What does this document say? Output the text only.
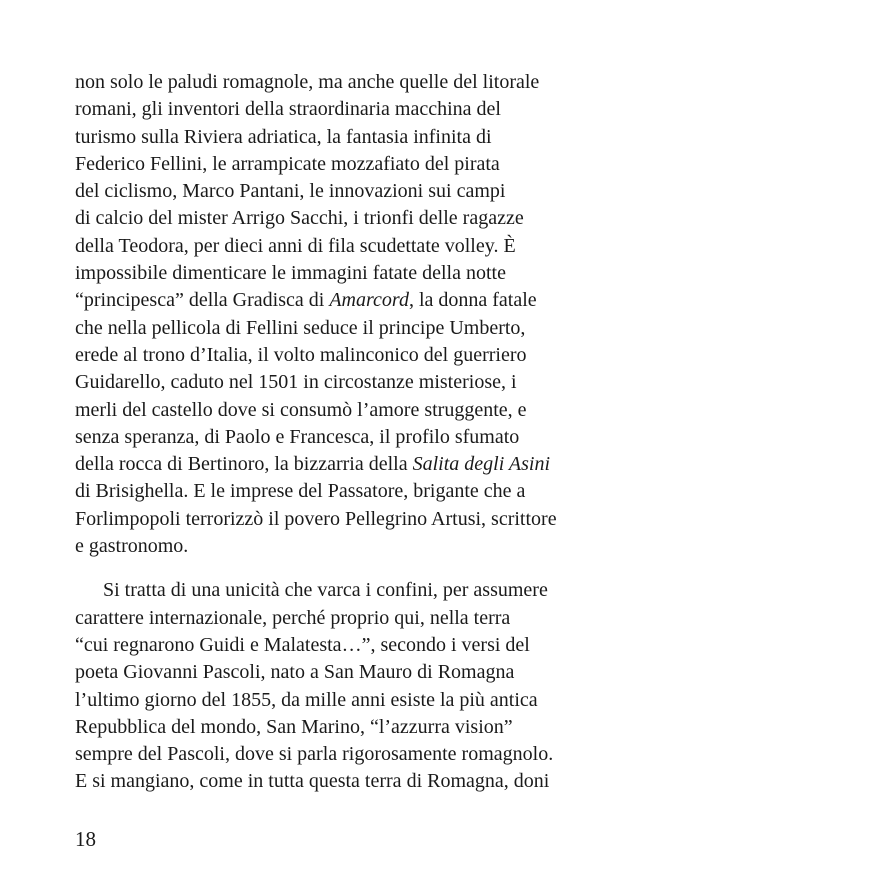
non solo le paludi romagnole, ma anche quelle del litorale
romani, gli inventori della straordinaria macchina del
turismo sulla Riviera adriatica, la fantasia infinita di
Federico Fellini, le arrampicate mozzafiato del pirata
del ciclismo, Marco Pantani, le innovazioni sui campi
di calcio del mister Arrigo Sacchi, i trionfi delle ragazze
della Teodora, per dieci anni di fila scudettate volley. È
impossibile dimenticare le immagini fatate della notte
“principesca” della Gradisca di Amarcord, la donna fatale
che nella pellicola di Fellini seduce il principe Umberto,
erede al trono d’Italia, il volto malinconico del guerriero
Guidarello, caduto nel 1501 in circostanze misteriose, i
merli del castello dove si consumò l’amore struggente, e
senza speranza, di Paolo e Francesca, il profilo sfumato
della rocca di Bertinoro, la bizzarria della Salita degli Asini
di Brisighella. E le imprese del Passatore, brigante che a
Forlimpopoli terrorizzò il povero Pellegrino Artusi, scrittore
e gastronomo.
Si tratta di una unicità che varca i confini, per assumere
carattere internazionale, perché proprio qui, nella terra
“cui regnarono Guidi e Malatesta…”, secondo i versi del
poeta Giovanni Pascoli, nato a San Mauro di Romagna
l’ultimo giorno del 1855, da mille anni esiste la più antica
Repubblica del mondo, San Marino, “l’azzurra vision”
sempre del Pascoli, dove si parla rigorosamente romagnolo.
E si mangiano, come in tutta questa terra di Romagna, doni
18
